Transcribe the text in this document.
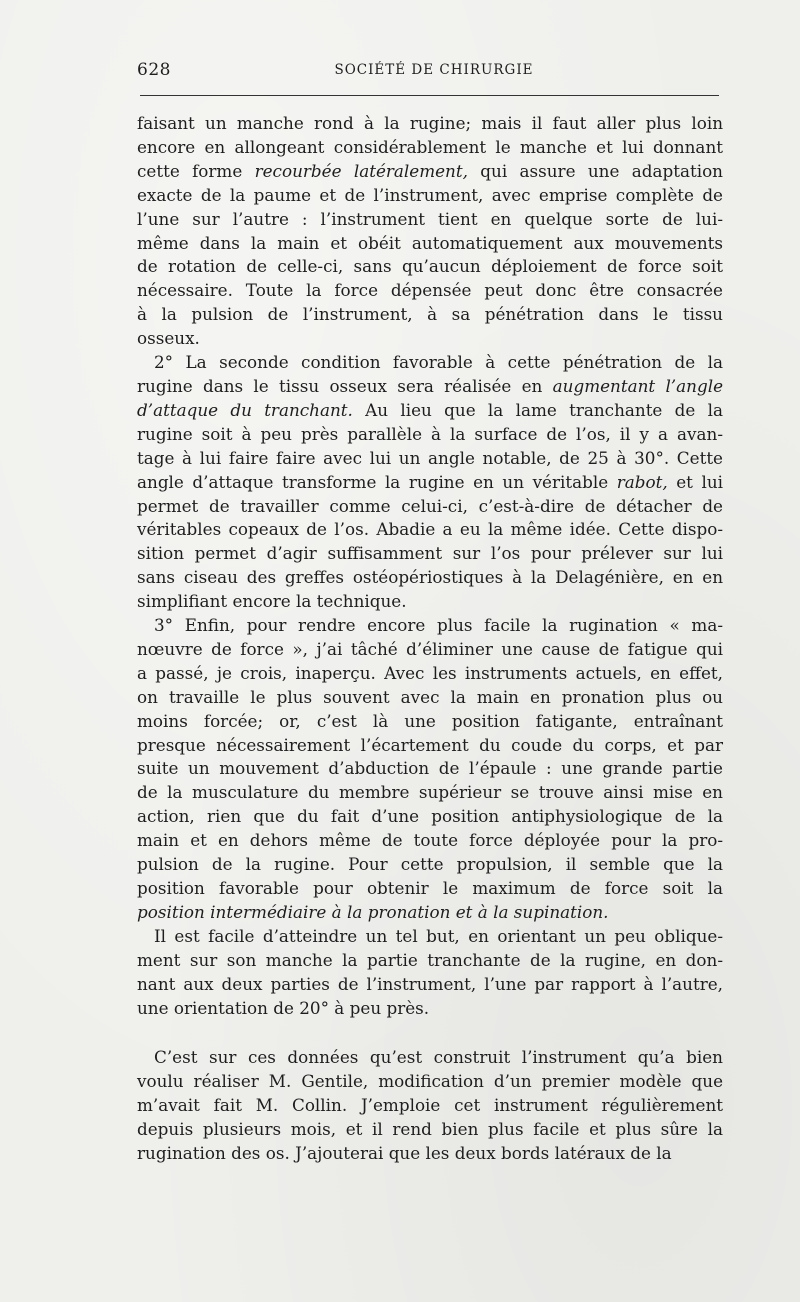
628	SOCIÉTÉ DE CHIRURGIE

faisant un manche rond à la rugine; mais il faut aller plus loin
encore en allongeant considérablement le manche et lui donnant
cette forme recourbée latéralement, qui assure une adaptation
exacte de la paume et de l’instrument, avec emprise complète de
l’une sur l’autre : l’instrument tient en quelque sorte de lui-
même dans la main et obéit automatiquement aux mouvements
de rotation de celle-ci, sans qu’aucun déploiement de force soit
nécessaire. Toute la force dépensée peut donc être consacrée
à la pulsion de l’instrument, à sa pénétration dans le tissu
osseux.

2° La seconde condition favorable à cette pénétration de la
rugine dans le tissu osseux sera réalisée en augmentant l’angle
d’attaque du tranchant. Au lieu que la lame tranchante de la
rugine soit à peu près parallèle à la surface de l’os, il y a avan-
tage à lui faire faire avec lui un angle notable, de 25 à 30°. Cette
angle d’attaque transforme la rugine en un véritable rabot, et lui
permet de travailler comme celui-ci, c’est-à-dire de détacher de
véritables copeaux de l’os. Abadie a eu la même idée. Cette dispo-
sition permet d’agir suffisamment sur l’os pour prélever sur lui
sans ciseau des greffes ostéopériostiques à la Delagénière, en en
simplifiant encore la technique.

3° Enfin, pour rendre encore plus facile la rugination « ma-
nœuvre de force », j’ai tâché d’éliminer une cause de fatigue qui
a passé, je crois, inaperçu. Avec les instruments actuels, en effet,
on travaille le plus souvent avec la main en pronation plus ou
moins forcée; or, c’est là une position fatigante, entraînant
presque nécessairement l’écartement du coude du corps, et par
suite un mouvement d’abduction de l’épaule : une grande partie
de la musculature du membre supérieur se trouve ainsi mise en
action, rien que du fait d’une position antiphysiologique de la
main et en dehors même de toute force déployée pour la pro-
pulsion de la rugine. Pour cette propulsion, il semble que la
position favorable pour obtenir le maximum de force soit la
position intermédiaire à la pronation et à la supination.

Il est facile d’atteindre un tel but, en orientant un peu oblique-
ment sur son manche la partie tranchante de la rugine, en don-
nant aux deux parties de l’instrument, l’une par rapport à l’autre,
une orientation de 20° à peu près.

C’est sur ces données qu’est construit l’instrument qu’a bien
voulu réaliser M. Gentile, modification d’un premier modèle que
m’avait fait M. Collin. J’emploie cet instrument régulièrement
depuis plusieurs mois, et il rend bien plus facile et plus sûre la
rugination des os. J’ajouterai que les deux bords latéraux de la
